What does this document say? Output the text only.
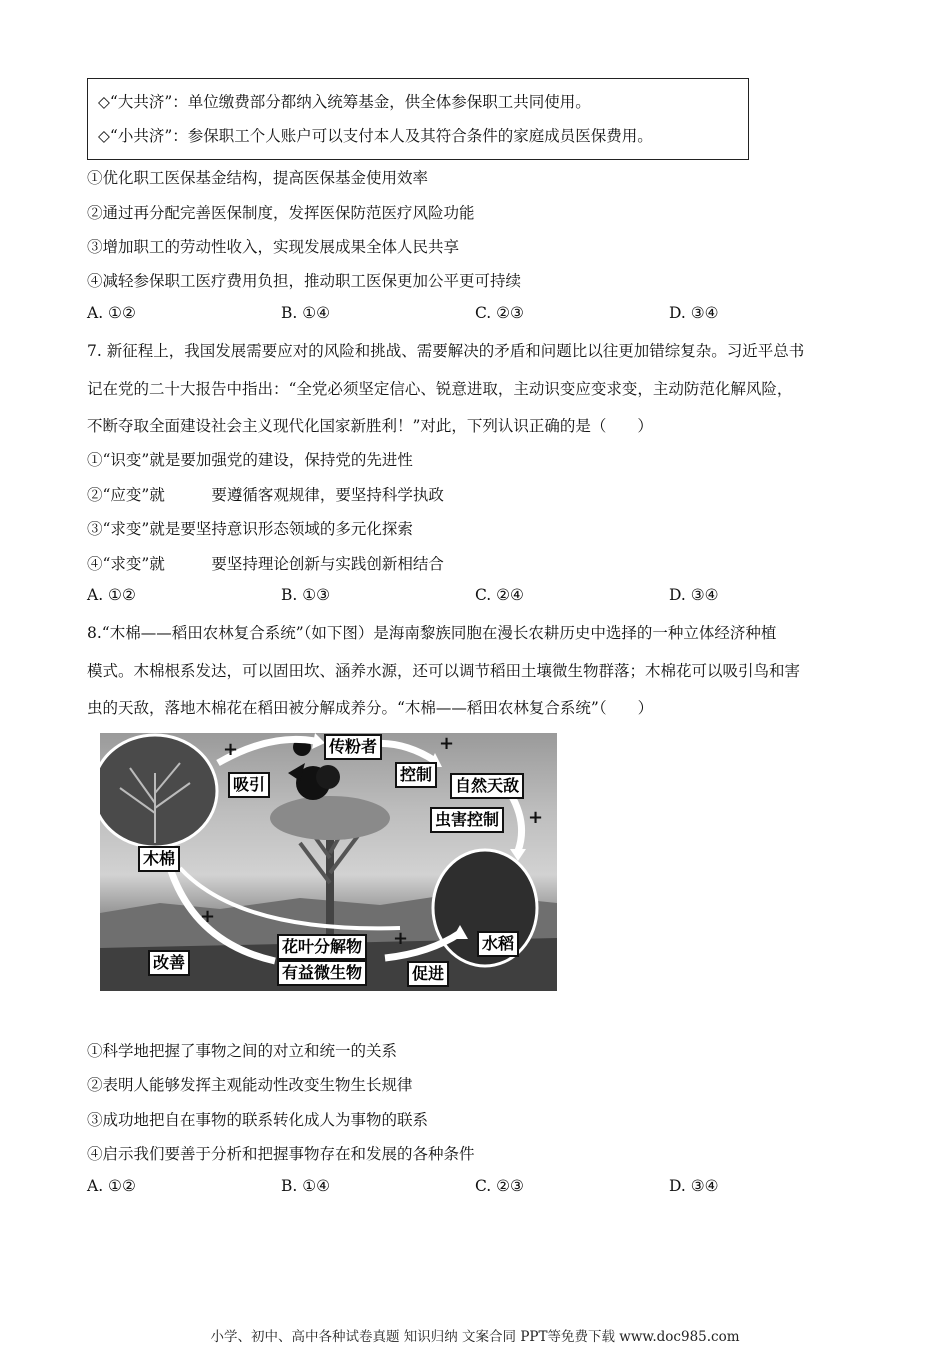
◇“大共济”：单位缴费部分都纳入统筹基金，供全体参保职工共同使用。
◇“小共济”：参保职工个人账户可以支付本人及其符合条件的家庭成员医保费用。
①优化职工医保基金结构，提高医保基金使用效率
②通过再分配完善医保制度，发挥医保防范医疗风险功能
③增加职工的劳动性收入，实现发展成果全体人民共享
④减轻参保职工医疗费用负担，推动职工医保更加公平更可持续
A. ①②	B. ①④	C. ②③	D. ③④
7. 新征程上，我国发展需要应对的风险和挑战、需要解决的矛盾和问题比以往更加错综复杂。习近平总书
记在党的二十大报告中指出：“全党必须坚定信心、锐意进取，主动识变应变求变，主动防范化解风险，
不断夺取全面建设社会主义现代化国家新胜利！”对此，下列认识正确的是（　　）
①“识变”就是要加强党的建设，保持党的先进性
②“应变”就　　　要遵循客观规律，要坚持科学执政
③“求变”就是要坚持意识形态领域的多元化探索
④“求变”就　　　要坚持理论创新与实践创新相结合
A. ①②	B. ①③	C. ②④	D. ③④
8.“木棉——稻田农林复合系统”（如下图）是海南黎族同胞在漫长农耕历史中选择的一种立体经济种植
模式。木棉根系发达，可以固田坎、涵养水源，还可以调节稻田土壤微生物群落；木棉花可以吸引鸟和害
虫的天敌，落地木棉花在稻田被分解成养分。“木棉——稻田农林复合系统”（　　）
传粉者
吸引
控制
自然天敌
虫害控制
木棉
水稻
花叶分解物
有益微生物
改善
促进
+	+
+
+
+
①科学地把握了事物之间的对立和统一的关系
②表明人能够发挥主观能动性改变生物生长规律
③成功地把自在事物的联系转化成人为事物的联系
④启示我们要善于分析和把握事物存在和发展的各种条件
A. ①②	B. ①④	C. ②③	D. ③④
小学、初中、高中各种试卷真题 知识归纳 文案合同 PPT等免费下载 www.doc985.com
